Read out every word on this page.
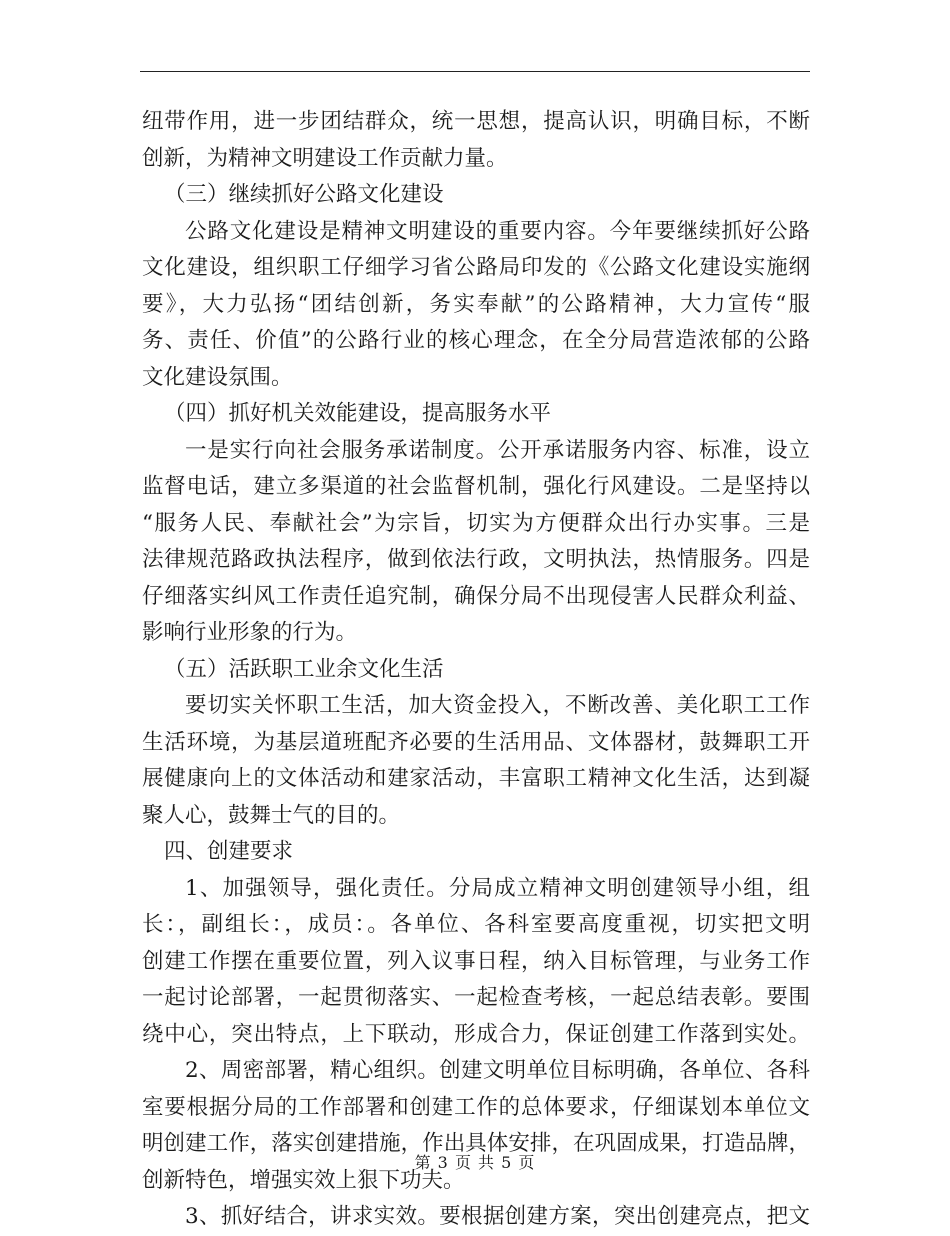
纽带作用，进一步团结群众，统一思想，提高认识，明确目标，不断
创新，为精神文明建设工作贡献力量。
（三）继续抓好公路文化建设
公路文化建设是精神文明建设的重要内容。今年要继续抓好公路
文化建设，组织职工仔细学习省公路局印发的《公路文化建设实施纲
要》，大力弘扬“团结创新，务实奉献”的公路精神，大力宣传“服
务、责任、价值”的公路行业的核心理念，在全分局营造浓郁的公路
文化建设氛围。
（四）抓好机关效能建设，提高服务水平
一是实行向社会服务承诺制度。公开承诺服务内容、标准，设立
监督电话，建立多渠道的社会监督机制，强化行风建设。二是坚持以
“服务人民、奉献社会”为宗旨，切实为方便群众出行办实事。三是
法律规范路政执法程序，做到依法行政，文明执法，热情服务。四是
仔细落实纠风工作责任追究制，确保分局不出现侵害人民群众利益、
影响行业形象的行为。
（五）活跃职工业余文化生活
要切实关怀职工生活，加大资金投入，不断改善、美化职工工作
生活环境，为基层道班配齐必要的生活用品、文体器材，鼓舞职工开
展健康向上的文体活动和建家活动，丰富职工精神文化生活，达到凝
聚人心，鼓舞士气的目的。
四、创建要求
1、加强领导，强化责任。分局成立精神文明创建领导小组，组
长：，副组长：，成员：。各单位、各科室要高度重视，切实把文明
创建工作摆在重要位置，列入议事日程，纳入目标管理，与业务工作
一起讨论部署，一起贯彻落实、一起检查考核，一起总结表彰。要围
绕中心，突出特点，上下联动，形成合力，保证创建工作落到实处。
2、周密部署，精心组织。创建文明单位目标明确，各单位、各科
室要根据分局的工作部署和创建工作的总体要求，仔细谋划本单位文
明创建工作，落实创建措施，作出具体安排，在巩固成果，打造品牌，
创新特色，增强实效上狠下功夫。
3、抓好结合，讲求实效。要根据创建方案，突出创建亮点，把文
第 3 页 共 5 页
